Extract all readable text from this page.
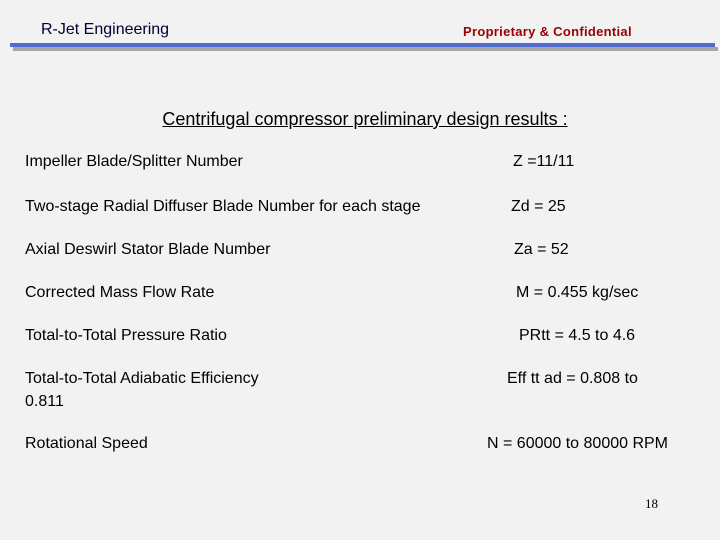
R-Jet Engineering	Proprietary & Confidential
Centrifugal compressor preliminary design results :
Impeller Blade/Splitter Number	Z =11/11
Two-stage Radial Diffuser Blade Number for each stage	Zd = 25
Axial Deswirl Stator Blade Number	Za = 52
Corrected Mass Flow Rate	M = 0.455 kg/sec
Total-to-Total Pressure Ratio	PRtt = 4.5 to 4.6
Total-to-Total Adiabatic Efficiency	Eff tt ad = 0.808 to
0.811
Rotational Speed	N = 60000 to 80000 RPM
18
